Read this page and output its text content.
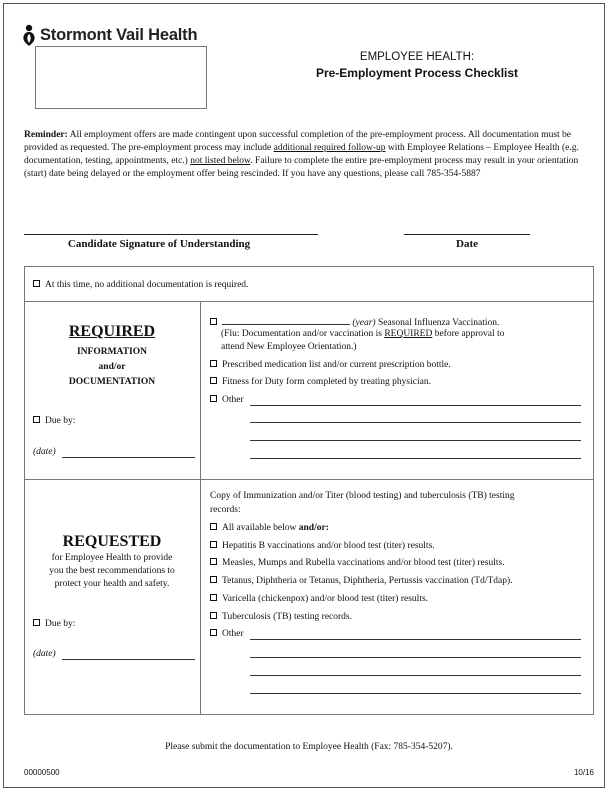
Stormont Vail Health
EMPLOYEE HEALTH:
Pre-Employment Process Checklist
Reminder: All employment offers are made contingent upon successful completion of the pre-employment process. All documentation must be provided as requested. The pre-employment process may include additional required follow-up with Employee Relations – Employee Health (e.g. documentation, testing, appointments, etc.) not listed below. Failure to complete the entire pre-employment process may result in your orientation (start) date being delayed or the employment offer being rescinded. If you have any questions, please call 785-354-5887
Candidate Signature of Understanding	Date
At this time, no additional documentation is required.
REQUIRED
INFORMATION
and/or
DOCUMENTATION
Due by:
(date)
(year) Seasonal Influenza Vaccination.
(Flu: Documentation and/or vaccination is REQUIRED before approval to
attend New Employee Orientation.)
Prescribed medication list and/or current prescription bottle.
Fitness for Duty form completed by treating physician.
Other
REQUESTED
for Employee Health to provide
you the best recommendations to
protect your health and safety.
Due by:
(date)
Copy of Immunization and/or Titer (blood testing) and tuberculosis (TB) testing
records:
All available below and/or:
Hepatitis B vaccinations and/or blood test (titer) results.
Measles, Mumps and Rubella vaccinations and/or blood test (titer) results.
Tetanus, Diphtheria or Tetanus, Diphtheria, Pertussis vaccination (Td/Tdap).
Varicella (chickenpox) and/or blood test (titer) results.
Tuberculosis (TB) testing records.
Other
Please submit the documentation to Employee Health (Fax: 785-354-5207).
00000500	10/16
